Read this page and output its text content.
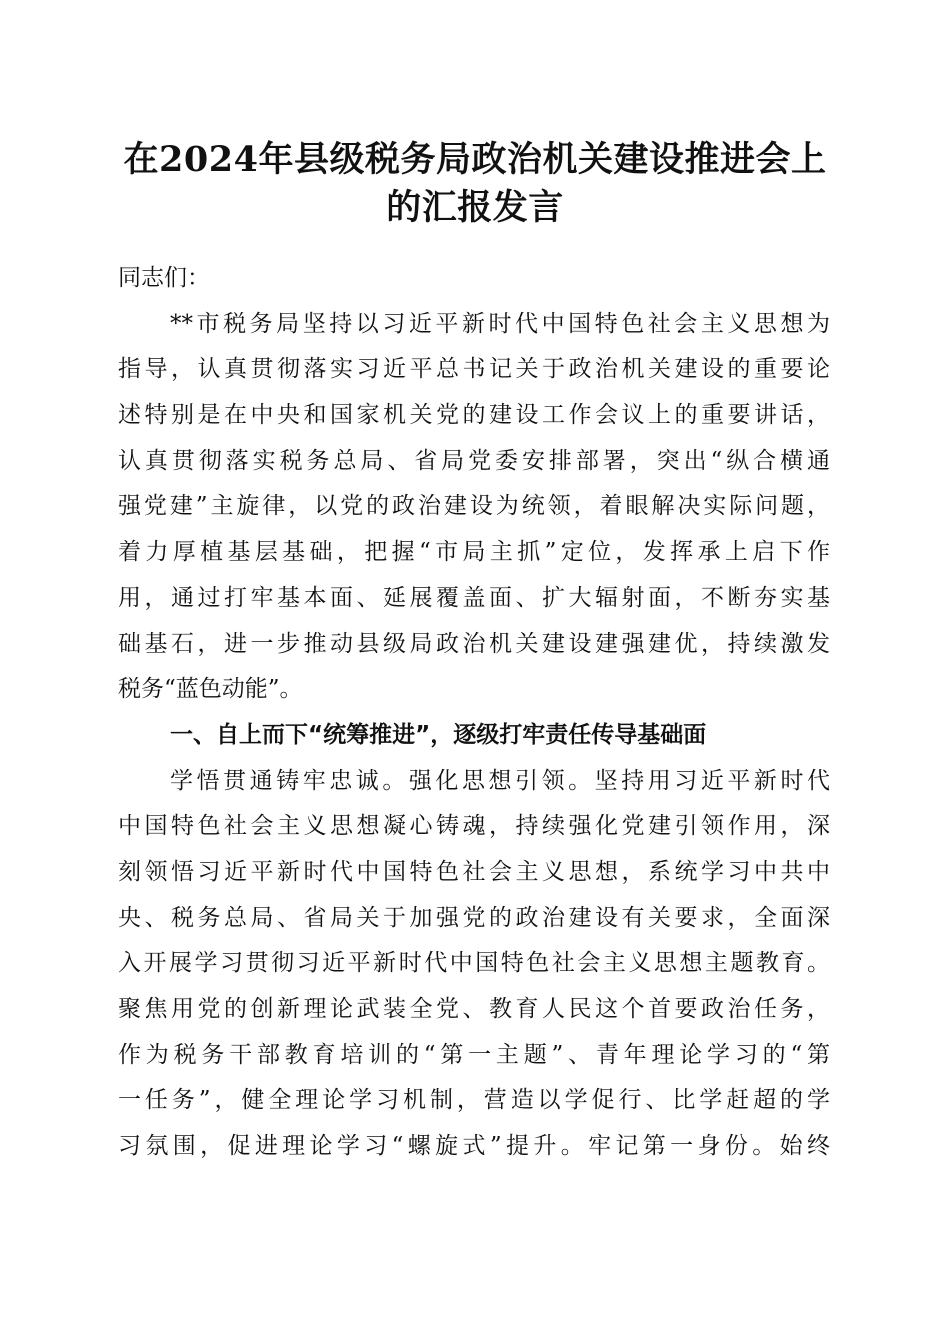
在2024年县级税务局政治机关建设推进会上
的汇报发言
同志们：
**市税务局坚持以习近平新时代中国特色社会主义思想为
指导，认真贯彻落实习近平总书记关于政治机关建设的重要论
述特别是在中央和国家机关党的建设工作会议上的重要讲话，
认真贯彻落实税务总局、省局党委安排部署，突出“纵合横通
强党建”主旋律，以党的政治建设为统领，着眼解决实际问题，
着力厚植基层基础，把握“市局主抓”定位，发挥承上启下作
用，通过打牢基本面、延展覆盖面、扩大辐射面，不断夯实基
础基石，进一步推动县级局政治机关建设建强建优，持续激发
税务“蓝色动能”。
一、自上而下“统筹推进”，逐级打牢责任传导基础面
学悟贯通铸牢忠诚。强化思想引领。坚持用习近平新时代
中国特色社会主义思想凝心铸魂，持续强化党建引领作用，深
刻领悟习近平新时代中国特色社会主义思想，系统学习中共中
央、税务总局、省局关于加强党的政治建设有关要求，全面深
入开展学习贯彻习近平新时代中国特色社会主义思想主题教育。
聚焦用党的创新理论武装全党、教育人民这个首要政治任务，
作为税务干部教育培训的“第一主题”、青年理论学习的“第
一任务”，健全理论学习机制，营造以学促行、比学赶超的学
习氛围，促进理论学习“螺旋式”提升。牢记第一身份。始终
